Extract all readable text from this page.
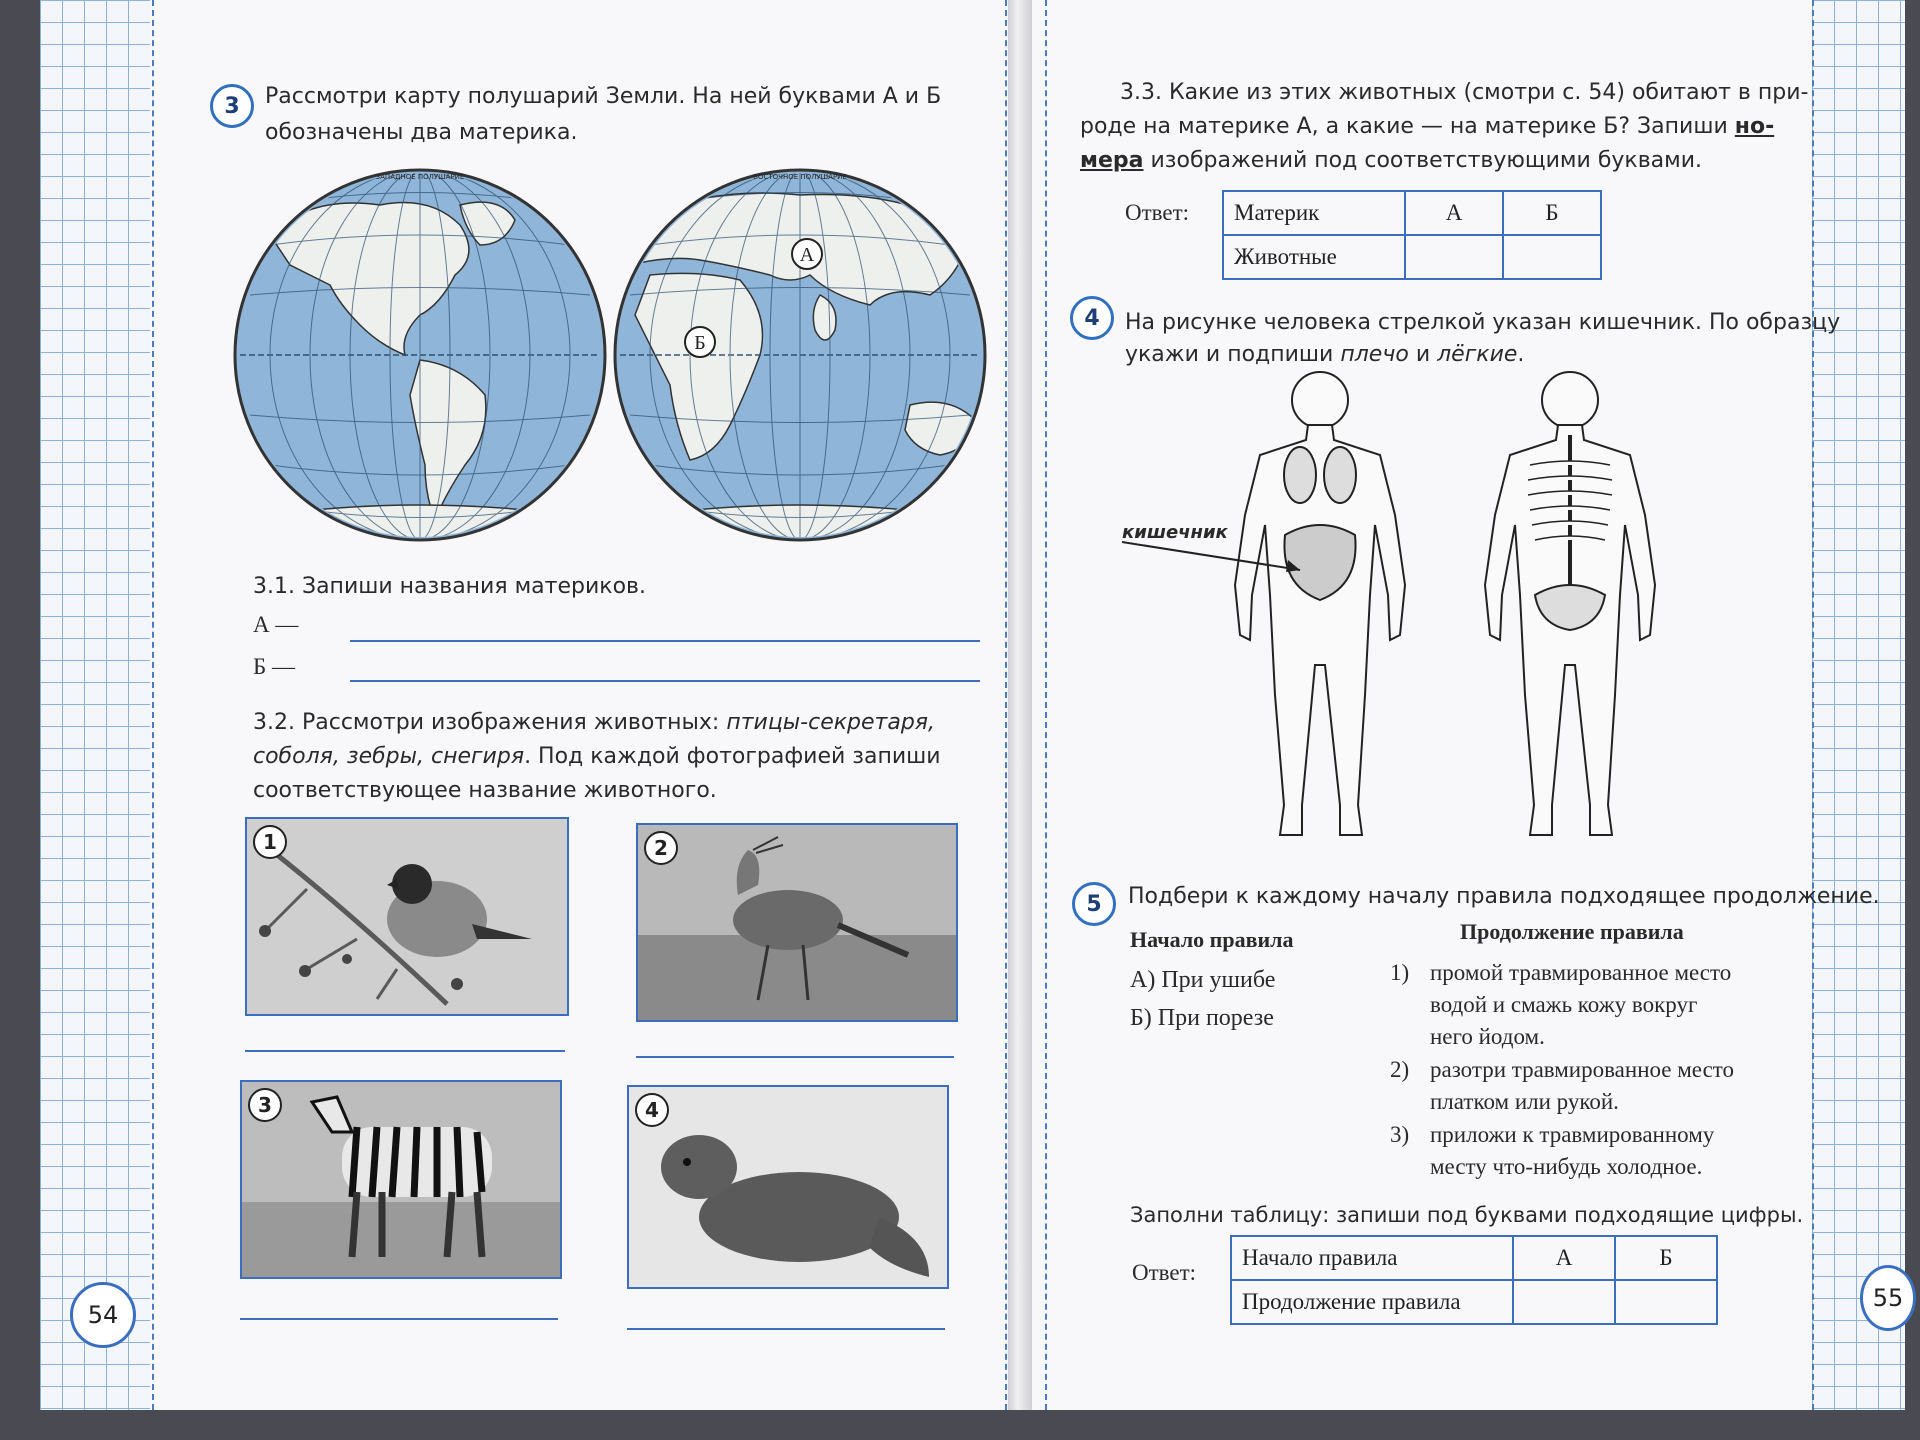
3	Рассмотри карту полушарий Земли. На ней буквами А и Б
обозначены два материка.
ЗАПАДНОЕ ПОЛУШАРИЕ	ВОСТОЧНОЕ ПОЛУШАРИЕ
А
Б
3.1. Запиши названия материков.
А —
Б —
3.2. Рассмотри изображения животных: птицы-секретаря,
соболя, зебры, снегиря. Под каждой фотографией запиши
соответствующее название животного.
1	2
3	4
54
3.3. Какие из этих животных (смотри с. 54) обитают в при-
роде на материке А, а какие — на материке Б? Запиши но-
мера изображений под соответствующими буквами.
Ответ: Материк	А	Б
Животные		
4	На рисунке человека стрелкой указан кишечник. По образцу
укажи и подпиши плечо и лёгкие.
кишечник
5	Подбери к каждому началу правила подходящее продолжение.
Начало правила	Продолжение правила
А) При ушибе
Б) При порезе
1) промой травмированное место
водой и смажь кожу вокруг
него йодом.
2) разотри травмированное место
платком или рукой.
3) приложи к травмированному
месту что-нибудь холодное.
Заполни таблицу: запиши под буквами подходящие цифры.
Ответ:
Начало правила	А	Б
Продолжение правила			55
